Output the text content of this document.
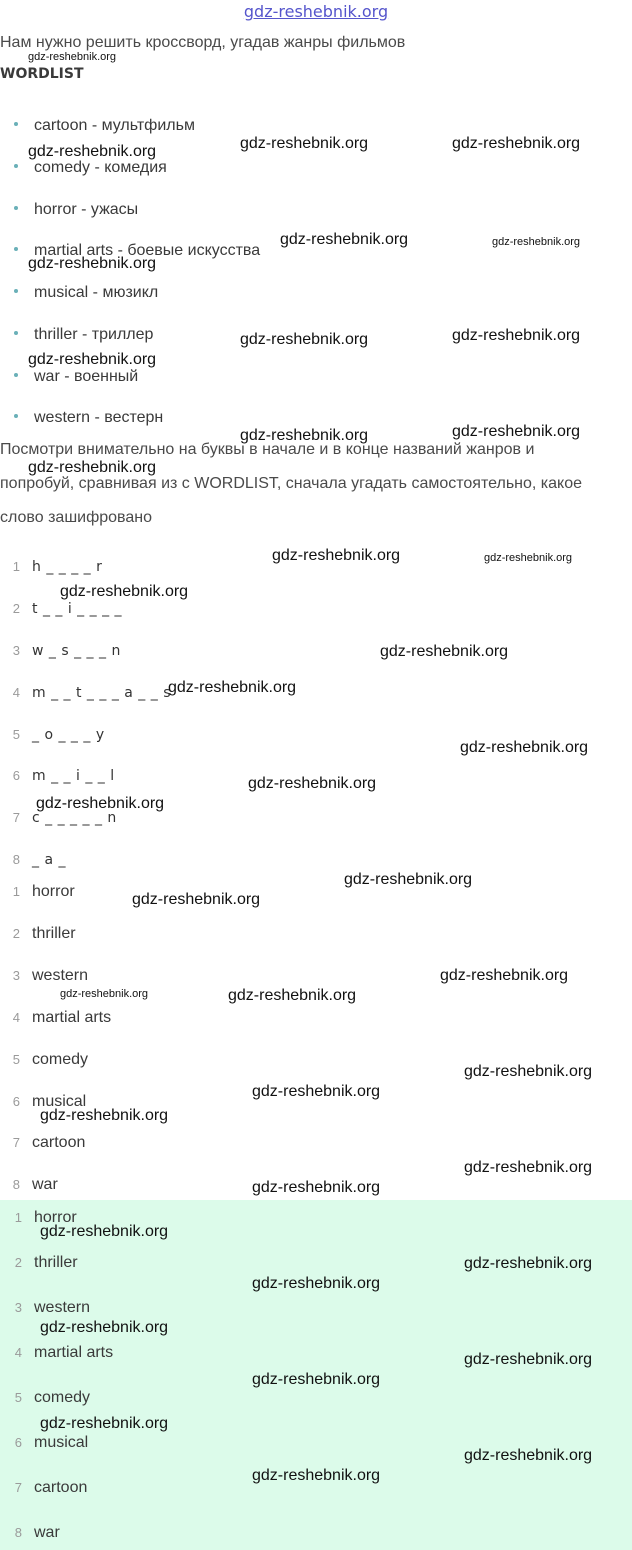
gdz-reshebnik.org
Нам нужно решить кроссворд, угадав жанры фильмов
WORDLIST
cartoon - мультфильм
comedy - комедия
horror - ужасы
martial arts - боевые искусства
musical - мюзикл
thriller - триллер
war - военный
western - вестерн
Посмотри внимательно на буквы в начале и в конце названий жанров и
попробуй, сравнивая из с WORDLIST, сначала угадать самостоятельно, какое
слово зашифровано
1 h _ _ _ _ r
2 t _ _ i _ _ _ _
3 w _ s _ _ _ n
4 m _ _ t _ _ _ a _ _ s
5 _ o _ _ _ y
6 m _ _ i _ _ l
7 c _ _ _ _ _ n
8 _ a _
1 horror
2 thriller
3 western
4 martial arts
5 comedy
6 musical
7 cartoon
8 war
1 horror
2 thriller
3 western
4 martial arts
5 comedy
6 musical
7 cartoon
8 war
gdz-reshebnik.org
gdz-reshebnik.org	gdz-reshebnik.org	gdz-reshebnik.org
gdz-reshebnik.org	gdz-reshebnik.org
gdz-reshebnik.org
gdz-reshebnik.org	gdz-reshebnik.org
gdz-reshebnik.org
gdz-reshebnik.org	gdz-reshebnik.org
gdz-reshebnik.org
gdz-reshebnik.org	gdz-reshebnik.org
gdz-reshebnik.org
gdz-reshebnik.org
gdz-reshebnik.org
gdz-reshebnik.org
gdz-reshebnik.org
gdz-reshebnik.org
gdz-reshebnik.org
gdz-reshebnik.org
gdz-reshebnik.org
gdz-reshebnik.org	gdz-reshebnik.org
gdz-reshebnik.org
gdz-reshebnik.org
gdz-reshebnik.org
gdz-reshebnik.org
gdz-reshebnik.org
gdz-reshebnik.org
gdz-reshebnik.org
gdz-reshebnik.org
gdz-reshebnik.org
gdz-reshebnik.org
gdz-reshebnik.org
gdz-reshebnik.org
gdz-reshebnik.org
gdz-reshebnik.org
